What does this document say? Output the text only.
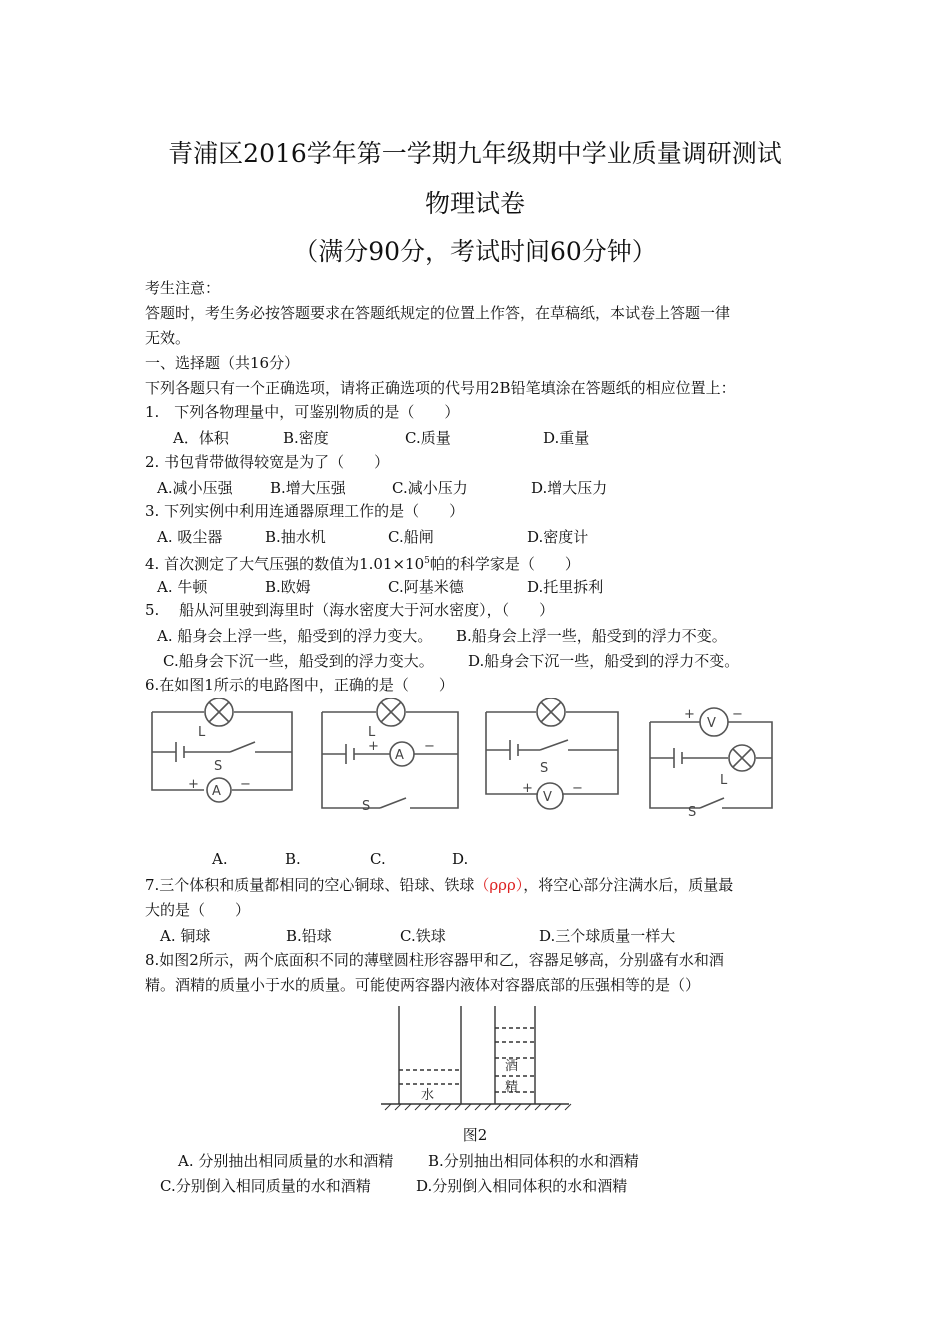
青浦区2016学年第一学期九年级期中学业质量调研测试
物理试卷
（满分90分，考试时间60分钟）
考生注意：
答题时，考生务必按答题要求在答题纸规定的位置上作答，在草稿纸，本试卷上答题一律
无效。
一、选择题（共16分）
下列各题只有一个正确选项，请将正确选项的代号用2B铅笔填涂在答题纸的相应位置上：
1.　下列各物理量中，可鉴别物质的是（　　）
A．体积	B.密度	C.质量	D.重量
2. 书包背带做得较宽是为了（　　）
A.减小压强 B.增大压强	C.减小压力	D.增大压力
3. 下列实例中利用连通器原理工作的是（　　）
A. 吸尘器	B.抽水机	C.船闸	D.密度计
4. 首次测定了大气压强的数值为$1.01\times 10^5$帕的科学家是（　　）
A. 牛顿	B.欧姆	C.阿基米德	D.托里拆利
5.　 船从河里驶到海里时（海水密度大于河水密度），（　　）
A. 船身会上浮一些，船受到的浮力变大。 B.船身会上浮一些，船受到的浮力不变。
C.船身会下沉一些，船受到的浮力变大。 D.船身会下沉一些，船受到的浮力不变。
6.在如图1所示的电路图中，正确的是（　　）
L
S
A
+	−
L
A
S
+	−
S
V
+	−
V
+	−
L
S
A.	B.	C.	D.
7.三个体积和质量都相同的空心铜球、铅球、铁球（ρρρ），将空心部分注满水后，质量最
大的是（　　）
A. 铜球	B.铅球	C.铁球	D.三个球质量一样大
8.如图2所示，两个底面积不同的薄壁圆柱形容器甲和乙，容器足够高，分别盛有水和酒
精。酒精的质量小于水的质量。可能使两容器内液体对容器底部的压强相等的是（）
水
酒
精
图2
A. 分别抽出相同质量的水和酒精 B.分别抽出相同体积的水和酒精
C.分别倒入相同质量的水和酒精	D.分别倒入相同体积的水和酒精
